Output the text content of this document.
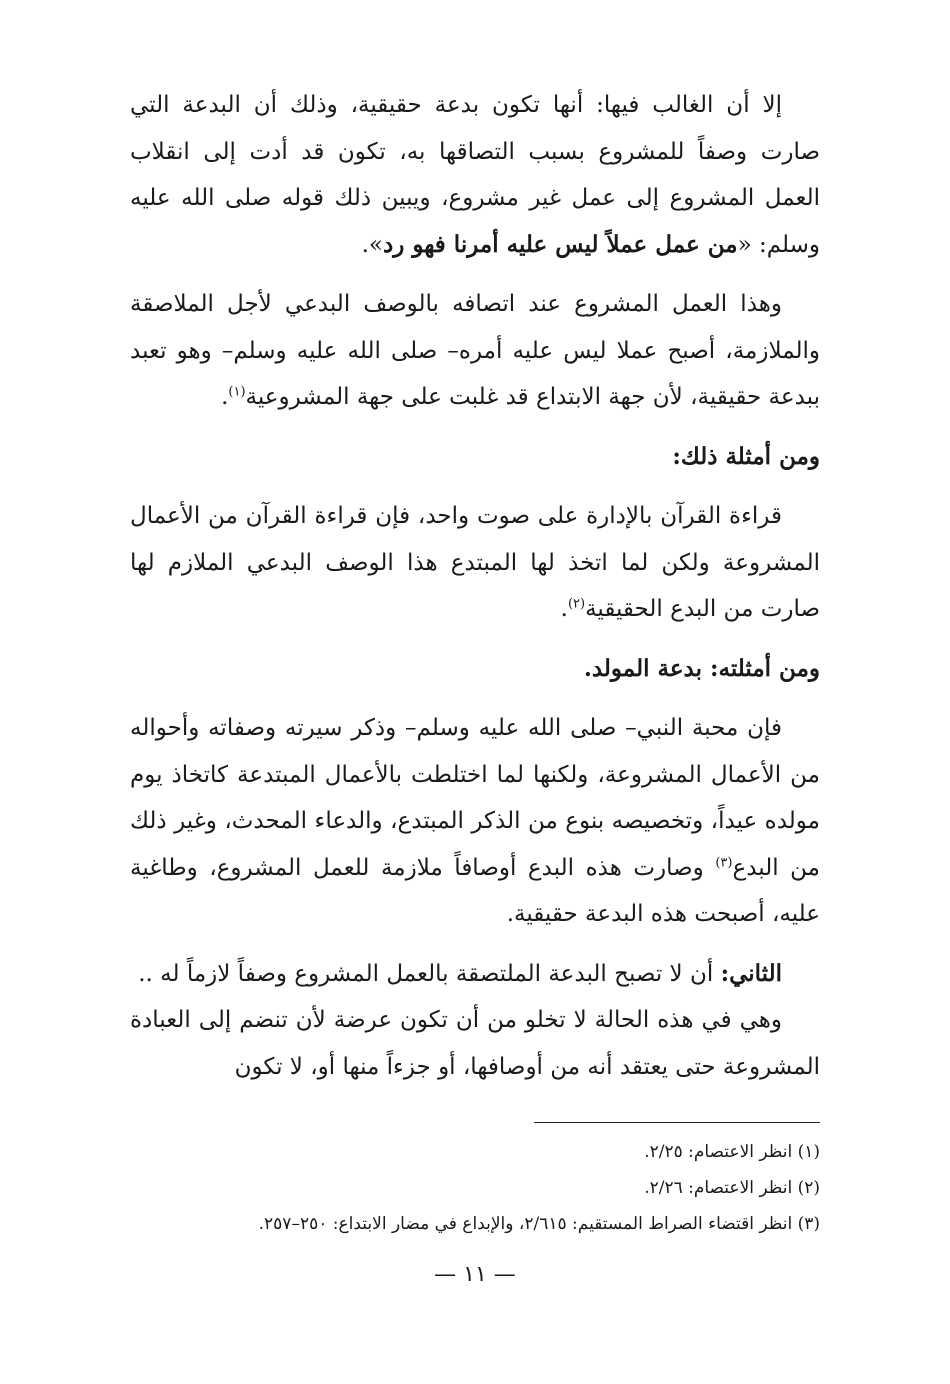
إلا أن الغالب فيها: أنها تكون بدعة حقيقية، وذلك أن البدعة التي صارت وصفاً للمشروع بسبب التصاقها به، تكون قد أدت إلى انقلاب العمل المشروع إلى عمل غير مشروع، ويبين ذلك قوله صلى الله عليه وسلم: «من عمل عملاً ليس عليه أمرنا فهو رد».

وهذا العمل المشروع عند اتصافه بالوصف البدعي لأجل الملاصقة والملازمة، أصبح عملا ليس عليه أمره– صلى الله عليه وسلم– وهو تعبد ببدعة حقيقية، لأن جهة الابتداع قد غلبت على جهة المشروعية$^{(١)}$.

ومن أمثلة ذلك:

قراءة القرآن بالإدارة على صوت واحد، فإن قراءة القرآن من الأعمال المشروعة ولكن لما اتخذ لها المبتدع هذا الوصف البدعي الملازم لها صارت من البدع الحقيقية$^{(٢)}$.

ومن أمثلته: بدعة المولد.

فإن محبة النبي– صلى الله عليه وسلم– وذكر سيرته وصفاته وأحواله من الأعمال المشروعة، ولكنها لما اختلطت بالأعمال المبتدعة كاتخاذ يوم مولده عيداً، وتخصيصه بنوع من الذكر المبتدع، والدعاء المحدث، وغير ذلك من البدع$^{(٣)}$ وصارت هذه البدع أوصافاً ملازمة للعمل المشروع، وطاغية عليه، أصبحت هذه البدعة حقيقية.

الثاني: أن لا تصبح البدعة الملتصقة بالعمل المشروع وصفاً لازماً له ..

وهي في هذه الحالة لا تخلو من أن تكون عرضة لأن تنضم إلى العبادة المشروعة حتى يعتقد أنه من أوصافها، أو جزءاً منها أو، لا تكون

(١) انظر الاعتصام: ٢/٢٥.
(٢) انظر الاعتصام: ٢/٢٦.
(٣) انظر اقتضاء الصراط المستقيم: ٢/٦١٥، والإبداع في مضار الابتداع: ٢٥٠–٢٥٧.
— ١١ —
